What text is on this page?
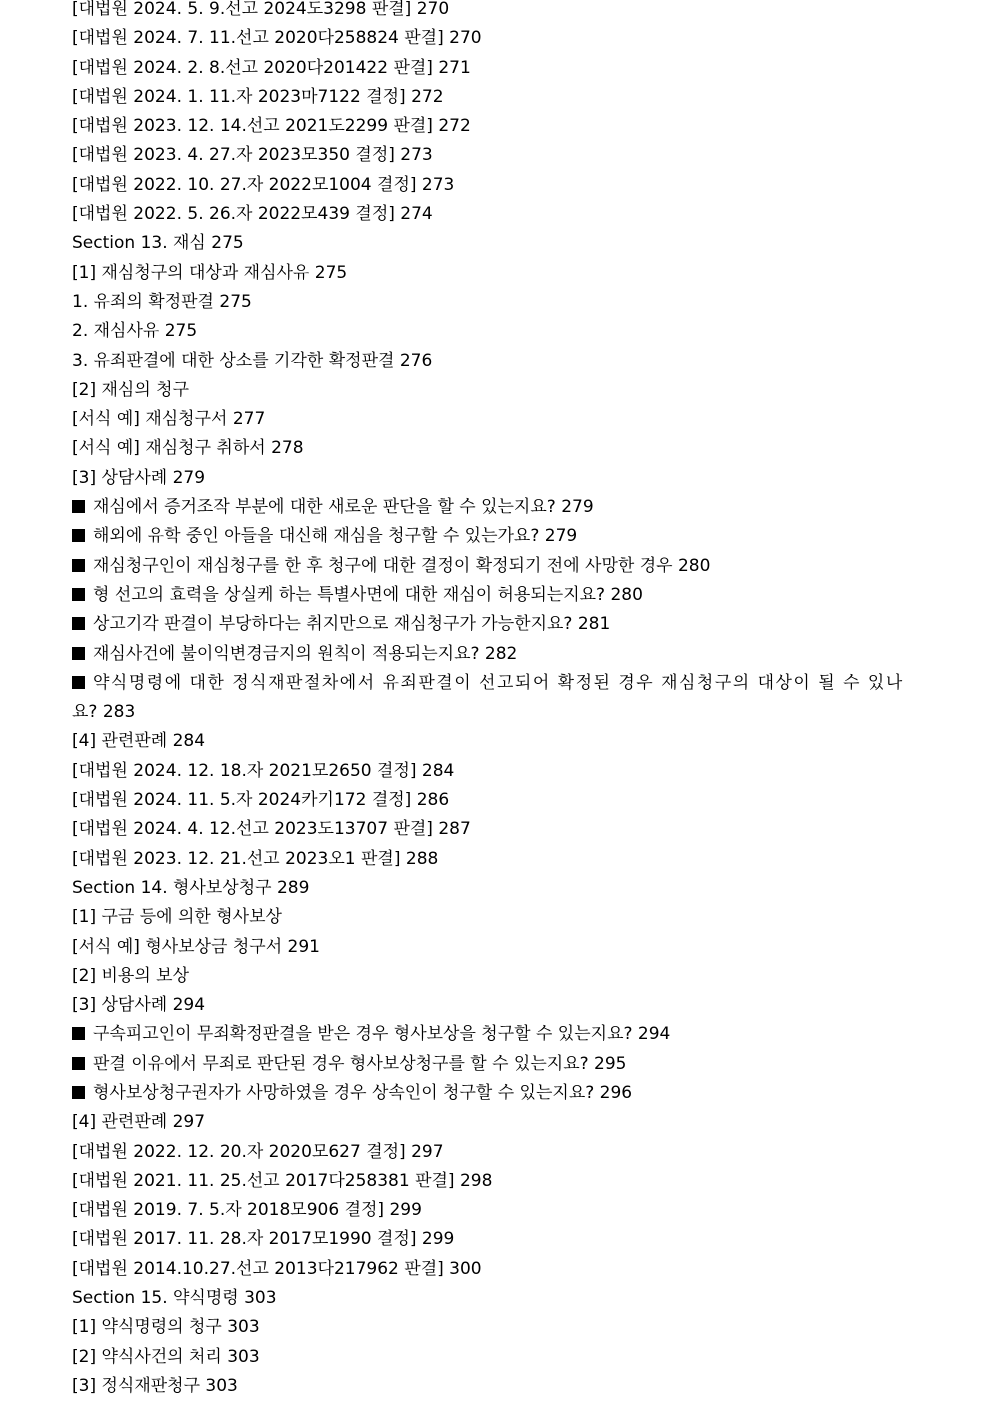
[대법원 2024. 5. 9.선고 2024도3298 판결] 270
[대법원 2024. 7. 11.선고 2020다258824 판결] 270
[대법원 2024. 2. 8.선고 2020다201422 판결] 271
[대법원 2024. 1. 11.자 2023마7122 결정] 272
[대법원 2023. 12. 14.선고 2021도2299 판결] 272
[대법원 2023. 4. 27.자 2023모350 결정] 273
[대법원 2022. 10. 27.자 2022모1004 결정] 273
[대법원 2022. 5. 26.자 2022모439 결정] 274
Section 13. 재심 275
[1] 재심청구의 대상과 재심사유 275
1. 유죄의 확정판결 275
2. 재심사유 275
3. 유죄판결에 대한 상소를 기각한 확정판결 276
[2] 재심의 청구
[서식 예] 재심청구서 277
[서식 예] 재심청구 취하서 278
[3] 상담사례 279
재심에서 증거조작 부분에 대한 새로운 판단을 할 수 있는지요? 279
해외에 유학 중인 아들을 대신해 재심을 청구할 수 있는가요? 279
재심청구인이 재심청구를 한 후 청구에 대한 결정이 확정되기 전에 사망한 경우 280
형 선고의 효력을 상실케 하는 특별사면에 대한 재심이 허용되는지요? 280
상고기각 판결이 부당하다는 취지만으로 재심청구가 가능한지요? 281
재심사건에 불이익변경금지의 원칙이 적용되는지요? 282
약식명령에 대한 정식재판절차에서 유죄판결이 선고되어 확정된 경우 재심청구의 대상이 될 수 있나
요? 283
[4] 관련판례 284
[대법원 2024. 12. 18.자 2021모2650 결정] 284
[대법원 2024. 11. 5.자 2024카기172 결정] 286
[대법원 2024. 4. 12.선고 2023도13707 판결] 287
[대법원 2023. 12. 21.선고 2023오1 판결] 288
Section 14. 형사보상청구 289
[1] 구금 등에 의한 형사보상
[서식 예] 형사보상금 청구서 291
[2] 비용의 보상
[3] 상담사례 294
구속피고인이 무죄확정판결을 받은 경우 형사보상을 청구할 수 있는지요? 294
판결 이유에서 무죄로 판단된 경우 형사보상청구를 할 수 있는지요? 295
형사보상청구권자가 사망하였을 경우 상속인이 청구할 수 있는지요? 296
[4] 관련판례 297
[대법원 2022. 12. 20.자 2020모627 결정] 297
[대법원 2021. 11. 25.선고 2017다258381 판결] 298
[대법원 2019. 7. 5.자 2018모906 결정] 299
[대법원 2017. 11. 28.자 2017모1990 결정] 299
[대법원 2014.10.27.선고 2013다217962 판결] 300
Section 15. 약식명령 303
[1] 약식명령의 청구 303
[2] 약식사건의 처리 303
[3] 정식재판청구 303
